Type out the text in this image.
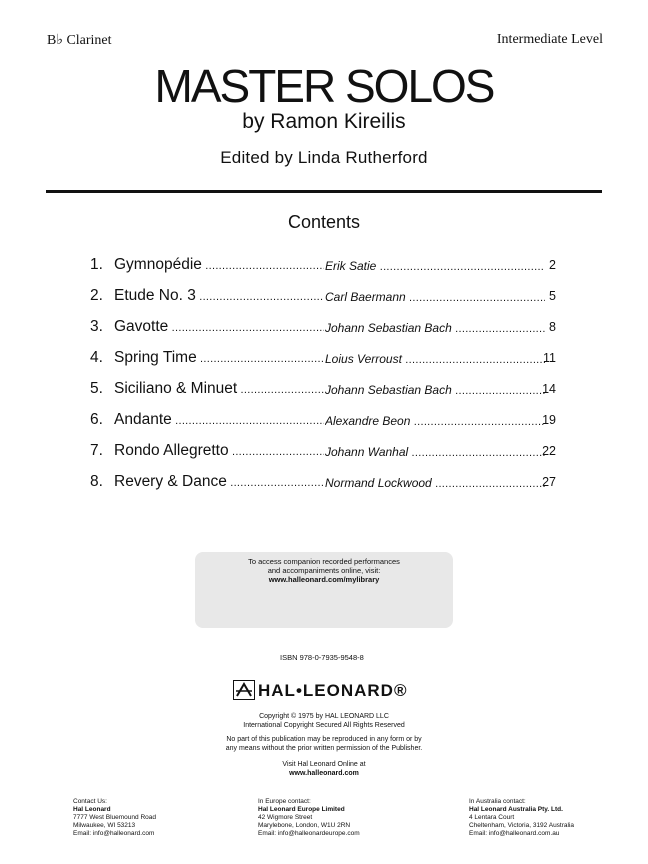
B♭ Clarinet	Intermediate Level
MASTER SOLOS
by Ramon Kireilis
Edited by Linda Rutherford
Contents
1. Gymnopédie .....	Erik Satie .....	2
2. Etude No. 3 .....	Carl Baermann .....	5
3. Gavotte .....	Johann Sebastian Bach .....	8
4. Spring Time .....	Loius Verroust .....	11
5. Siciliano & Minuet .....	Johann Sebastian Bach .....	14
6. Andante .....	Alexandre Beon .....	19
7. Rondo Allegretto .....	Johann Wanhal .....	22
8. Revery & Dance .....	Normand Lockwood .....	27
To access companion recorded performances
and accompaniments online, visit:
www.halleonard.com/mylibrary
ISBN 978-0-7935-9548-8
HAL•LEONARD®
Copyright © 1975 by HAL LEONARD LLC
International Copyright Secured All Rights Reserved
No part of this publication may be reproduced in any form or by
any means without the prior written permission of the Publisher.
Visit Hal Leonard Online at
www.halleonard.com
Contact Us:
Hal Leonard
7777 West Bluemound Road
Milwaukee, WI 53213
Email: info@halleonard.com
In Europe contact:
Hal Leonard Europe Limited
42 Wigmore Street
Marylebone, London, W1U 2RN
Email: info@halleonardeurope.com
In Australia contact:
Hal Leonard Australia Pty. Ltd.
4 Lentara Court
Cheltenham, Victoria, 3192 Australia
Email: info@halleonard.com.au
